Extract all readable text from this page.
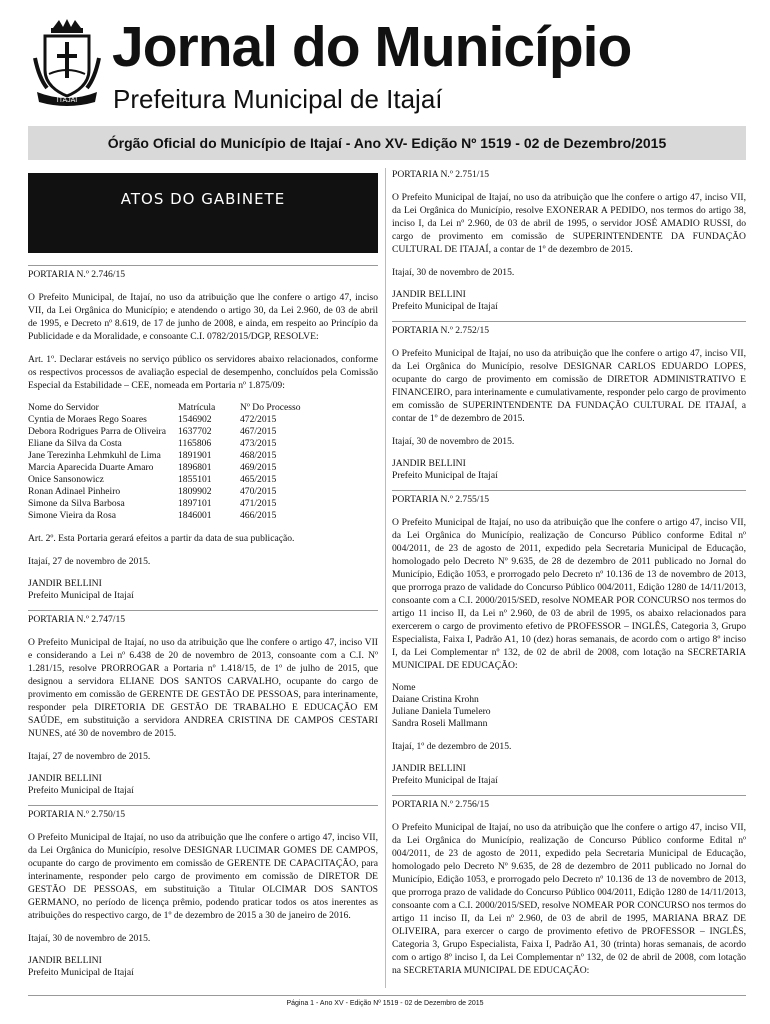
ITAJAÍ
Jornal do Município
Prefeitura Municipal de Itajaí
Órgão Oficial do Município de Itajaí - Ano XV- Edição Nº 1519 - 02 de Dezembro/2015
ATOS DO GABINETE

PORTARIA N.º 2.746/15

O Prefeito Municipal, de Itajaí, no uso da atribuição que lhe confere o artigo 47, inciso VII, da Lei Orgânica do Município; e atendendo o artigo 30, da Lei 2.960, de 03 de abril de 1995, e Decreto nº 8.619, de 17 de junho de 2008, e ainda, em respeito ao Princípio da Publicidade e da Moralidade, e consoante C.I. 0782/2015/DGP, RESOLVE:

Art. 1º. Declarar estáveis no serviço público os servidores abaixo relacionados, conforme os respectivos processos de avaliação especial de desempenho, concluídos pela Comissão Especial da Estabilidade – CEE, nomeada em Portaria nº 1.875/09:

Nome do Servidor	Matrícula	Nº Do Processo
Cyntia de Moraes Rego Soares	1546902	472/2015
Debora Rodrigues Parra de Oliveira	1637702	467/2015
Eliane da Silva da Costa	1165806	473/2015
Jane Terezinha Lehmkuhl de Lima	1891901	468/2015
Marcia Aparecida Duarte Amaro	1896801	469/2015
Onice Sansonowicz	1855101	465/2015
Ronan Adinael Pinheiro	1809902	470/2015
Simone da Silva Barbosa	1897101	471/2015
Simone Vieira da Rosa	1846001	466/2015

Art. 2º. Esta Portaria gerará efeitos a partir da data de sua publicação.

Itajaí, 27 de novembro de 2015.

JANDIR BELLINI
Prefeito Municipal de Itajaí

PORTARIA N.º 2.747/15

O Prefeito Municipal de Itajaí, no uso da atribuição que lhe confere o artigo 47, inciso VII e considerando a Lei nº 6.438 de 20 de novembro de 2013, consoante com a C.I. Nº 1.281/15, resolve PRORROGAR a Portaria nº 1.418/15, de 1º de julho de 2015, que designou a servidora ELIANE DOS SANTOS CARVALHO, ocupante do cargo de provimento em comissão de GERENTE DE GESTÃO DE PESSOAS, para interinamente, responder pela DIRETORIA DE GESTÃO DE TRABALHO E EDUCAÇÃO EM SAÚDE, em substituição a servidora ANDREA CRISTINA DE CAMPOS CESTARI NUNES, até 30 de novembro de 2015.

Itajaí, 27 de novembro de 2015.

JANDIR BELLINI
Prefeito Municipal de Itajaí

PORTARIA N.º 2.750/15

O Prefeito Municipal de Itajaí, no uso da atribuição que lhe confere o artigo 47, inciso VII, da Lei Orgânica do Município, resolve DESIGNAR LUCIMAR GOMES DE CAMPOS, ocupante do cargo de provimento em comissão de GERENTE DE CAPACITAÇÃO, para interinamente, responder pelo cargo de provimento em comissão de DIRETOR DE GESTÃO DE PESSOAS, em substituição a Titular OLCIMAR DOS SANTOS GERMANO, no período de licença prêmio, podendo praticar todos os atos inerentes as atribuições do respectivo cargo, de 1º de dezembro de 2015 a 30 de janeiro de 2016.

Itajaí, 30 de novembro de 2015.

JANDIR BELLINI
Prefeito Municipal de Itajaí

PORTARIA N.º 2.751/15

O Prefeito Municipal de Itajaí, no uso da atribuição que lhe confere o artigo 47, inciso VII, da Lei Orgânica do Município, resolve EXONERAR A PEDIDO, nos termos do artigo 38, inciso I, da Lei nº 2.960, de 03 de abril de 1995, o servidor JOSÉ AMADIO RUSSI, do cargo de provimento em comissão de SUPERINTENDENTE DA FUNDAÇÃO CULTURAL DE ITAJAÍ, a contar de 1º de dezembro de 2015.

Itajaí, 30 de novembro de 2015.

JANDIR BELLINI
Prefeito Municipal de Itajaí

PORTARIA N.º 2.752/15

O Prefeito Municipal de Itajaí, no uso da atribuição que lhe confere o artigo 47, inciso VII, da Lei Orgânica do Município, resolve DESIGNAR CARLOS EDUARDO LOPES, ocupante do cargo de provimento em comissão de DIRETOR ADMINISTRATIVO E FINANCEIRO, para interinamente e cumulativamente, responder pelo cargo de provimento em comissão de SUPERINTENDENTE DA FUNDAÇÃO CULTURAL DE ITAJAÍ, a contar de 1º de dezembro de 2015.

Itajaí, 30 de novembro de 2015.

JANDIR BELLINI
Prefeito Municipal de Itajaí

PORTARIA N.º 2.755/15

O Prefeito Municipal de Itajaí, no uso da atribuição que lhe confere o artigo 47, inciso VII, da Lei Orgânica do Município, realização de Concurso Público conforme Edital nº 004/2011, de 23 de agosto de 2011, expedido pela Secretaria Municipal de Educação, homologado pelo Decreto Nº 9.635, de 28 de dezembro de 2011 publicado no Jornal do Município, Edição 1053, e prorrogado pelo Decreto nº 10.136 de 13 de novembro de 2013, que prorroga prazo de validade do Concurso Público 004/2011, Edição 1280 de 14/11/2013, consoante com a C.I. 2000/2015/SED, resolve NOMEAR POR CONCURSO nos termos do artigo 11 inciso II, da Lei nº 2.960, de 03 de abril de 1995, os abaixo relacionados para exercerem o cargo de provimento efetivo de PROFESSOR – INGLÊS, Categoria 3, Grupo Especialista, Faixa I, Padrão A1, 10 (dez) horas semanais, de acordo com o artigo 8º inciso I, da Lei Complementar nº 132, de 02 de abril de 2008, com lotação na SECRETARIA MUNICIPAL DE EDUCAÇÃO:

Nome
Daiane Cristina Krohn
Juliane Daniela Tumelero
Sandra Roseli Mallmann

Itajaí, 1º de dezembro de 2015.

JANDIR BELLINI
Prefeito Municipal de Itajaí

PORTARIA N.º 2.756/15

O Prefeito Municipal de Itajaí, no uso da atribuição que lhe confere o artigo 47, inciso VII, da Lei Orgânica do Município, realização de Concurso Público conforme Edital nº 004/2011, de 23 de agosto de 2011, expedido pela Secretaria Municipal de Educação, homologado pelo Decreto Nº 9.635, de 28 de dezembro de 2011 publicado no Jornal do Município, Edição 1053, e prorrogado pelo Decreto nº 10.136 de 13 de novembro de 2013, que prorroga prazo de validade do Concurso Público 004/2011, Edição 1280 de 14/11/2013, consoante com a C.I. 2000/2015/SED, resolve NOMEAR POR CONCURSO nos termos do artigo 11 inciso II, da Lei nº 2.960, de 03 de abril de 1995, MARIANA BRAZ DE OLIVEIRA, para exercer o cargo de provimento efetivo de PROFESSOR – INGLÊS, Categoria 3, Grupo Especialista, Faixa I, Padrão A1, 30 (trinta) horas semanais, de acordo com o artigo 8º inciso I, da Lei Complementar nº 132, de 02 de abril de 2008, com lotação na SECRETARIA MUNICIPAL DE EDUCAÇÃO:

Página 1 - Ano XV - Edição Nº 1519 - 02 de Dezembro de 2015
